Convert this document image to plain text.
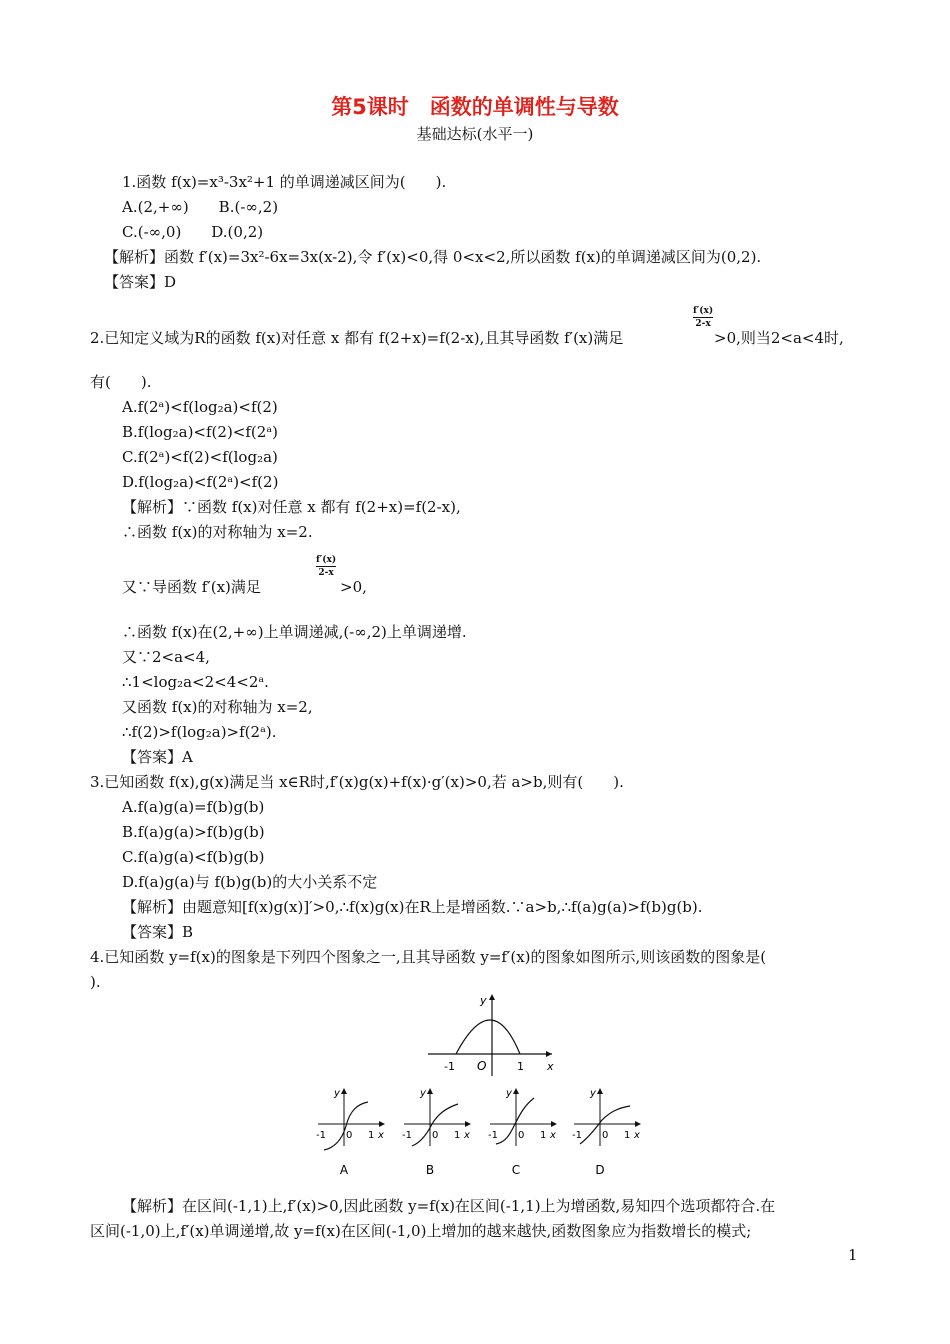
第5课时　函数的单调性与导数
基础达标(水平一)
1.函数 f(x)=x³-3x²+1 的单调递减区间为(　　).
A.(2,+∞)　　B.(-∞,2)
C.(-∞,0)　　D.(0,2)
【解析】函数 f′(x)=3x²-6x=3x(x-2),令 f′(x)<0,得 0<x<2,所以函数 f(x)的单调递减区间为(0,2).
【答案】D
2.已知定义域为R的函数 f(x)对任意 x 都有 f(2+x)=f(2-x),且其导函数 f′(x)满足	>0,则当2<a<4时,
有(　　).
A.f(2ᵃ)<f(log₂a)<f(2)
B.f(log₂a)<f(2)<f(2ᵃ)
C.f(2ᵃ)<f(2)<f(log₂a)
D.f(log₂a)<f(2ᵃ)<f(2)
【解析】∵函数 f(x)对任意 x 都有 f(2+x)=f(2-x),
∴函数 f(x)的对称轴为 x=2.
又∵导函数 f′(x)满足	>0,
∴函数 f(x)在(2,+∞)上单调递减,(-∞,2)上单调递增.
又∵2<a<4,
∴1<log₂a<2<4<2ᵃ.
又函数 f(x)的对称轴为 x=2,
∴f(2)>f(log₂a)>f(2ᵃ).
【答案】A
3.已知函数 f(x),g(x)满足当 x∈R时,f′(x)g(x)+f(x)·g′(x)>0,若 a>b,则有(　　).
A.f(a)g(a)=f(b)g(b)
B.f(a)g(a)>f(b)g(b)
C.f(a)g(a)<f(b)g(b)
D.f(a)g(a)与 f(b)g(b)的大小关系不定
【解析】由题意知[f(x)g(x)]′>0,∴f(x)g(x)在R上是增函数.∵a>b,∴f(a)g(a)>f(b)g(b).
【答案】B
4.已知函数 y=f(x)的图象是下列四个图象之一,且其导函数 y=f′(x)的图象如图所示,则该函数的图象是(
).
【解析】在区间(-1,1)上,f′(x)>0,因此函数 y=f(x)在区间(-1,1)上为增函数,易知四个选项都符合.在
区间(-1,0)上,f′(x)单调递增,故 y=f(x)在区间(-1,0)上增加的越来越快,函数图象应为指数增长的模式;
f′(x)
2-x
f′(x)
2-x
y
x
O
-1	1
y
-1 0 1 x
A
y
-1 0 1 x
B
y
-1 0 1 x
C
y
-1 0 1 x
D
1
